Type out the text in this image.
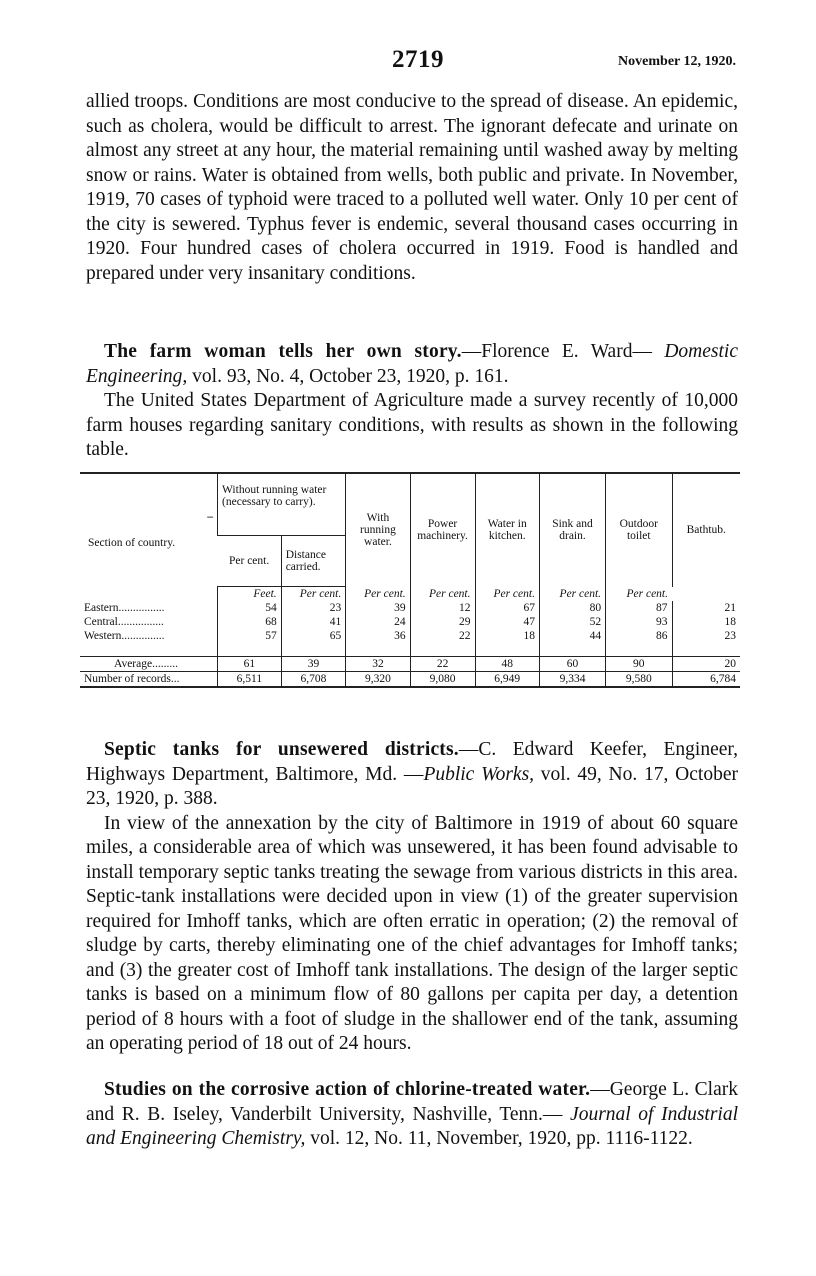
2719	November 12, 1920.

allied troops. Conditions are most conducive to the spread of disease. An epidemic, such as cholera, would be difficult to arrest. The ignorant defecate and urinate on almost any street at any hour, the material remaining until washed away by melting snow or rains. Water is obtained from wells, both public and private. In November, 1919, 70 cases of typhoid were traced to a polluted well water. Only 10 per cent of the city is sewered. Typhus fever is endemic, several thousand cases occurring in 1920. Four hundred cases of cholera occurred in 1919. Food is handled and prepared under very insanitary conditions.

The farm woman tells her own story.—Florence E. Ward— Domestic Engineering, vol. 93, No. 4, October 23, 1920, p. 161.

The United States Department of Agriculture made a survey recently of 10,000 farm houses regarding sanitary conditions, with results as shown in the following table.

–
Section of country.	Without running water (necessary to carry).		With running water.	Power machinery.	Water in kitchen.	Sink and drain.	Outdoor toilet	Bathtub.
	Per cent.	Distance carried.						
	Feet.	Per cent.	Per cent.	Per cent.	Per cent.	Per cent.	Per cent.
Eastern................	54	23	39	12	67	80	87	21
Central................	68	41	24	29	47	52	93	18
Western...............	57	65	36	22	18	44	86	23
Average.........	61	39	32	22	48	60	90	20
Number of records...	6,511	6,708	9,320	9,080	6,949	9,334	9,580	6,784

Septic tanks for unsewered districts.—C. Edward Keefer, Engineer, Highways Department, Baltimore, Md. —Public Works, vol. 49, No. 17, October 23, 1920, p. 388.

In view of the annexation by the city of Baltimore in 1919 of about 60 square miles, a considerable area of which was unsewered, it has been found advisable to install temporary septic tanks treating the sewage from various districts in this area. Septic-tank installations were decided upon in view (1) of the greater supervision required for Imhoff tanks, which are often erratic in operation; (2) the removal of sludge by carts, thereby eliminating one of the chief advantages for Imhoff tanks; and (3) the greater cost of Imhoff tank installations. The design of the larger septic tanks is based on a minimum flow of 80 gallons per capita per day, a detention period of 8 hours with a foot of sludge in the shallower end of the tank, assuming an operating period of 18 out of 24 hours.

Studies on the corrosive action of chlorine-treated water.—George L. Clark and R. B. Iseley, Vanderbilt University, Nashville, Tenn.— Journal of Industrial and Engineering Chemistry, vol. 12, No. 11, November, 1920, pp. 1116-1122.
